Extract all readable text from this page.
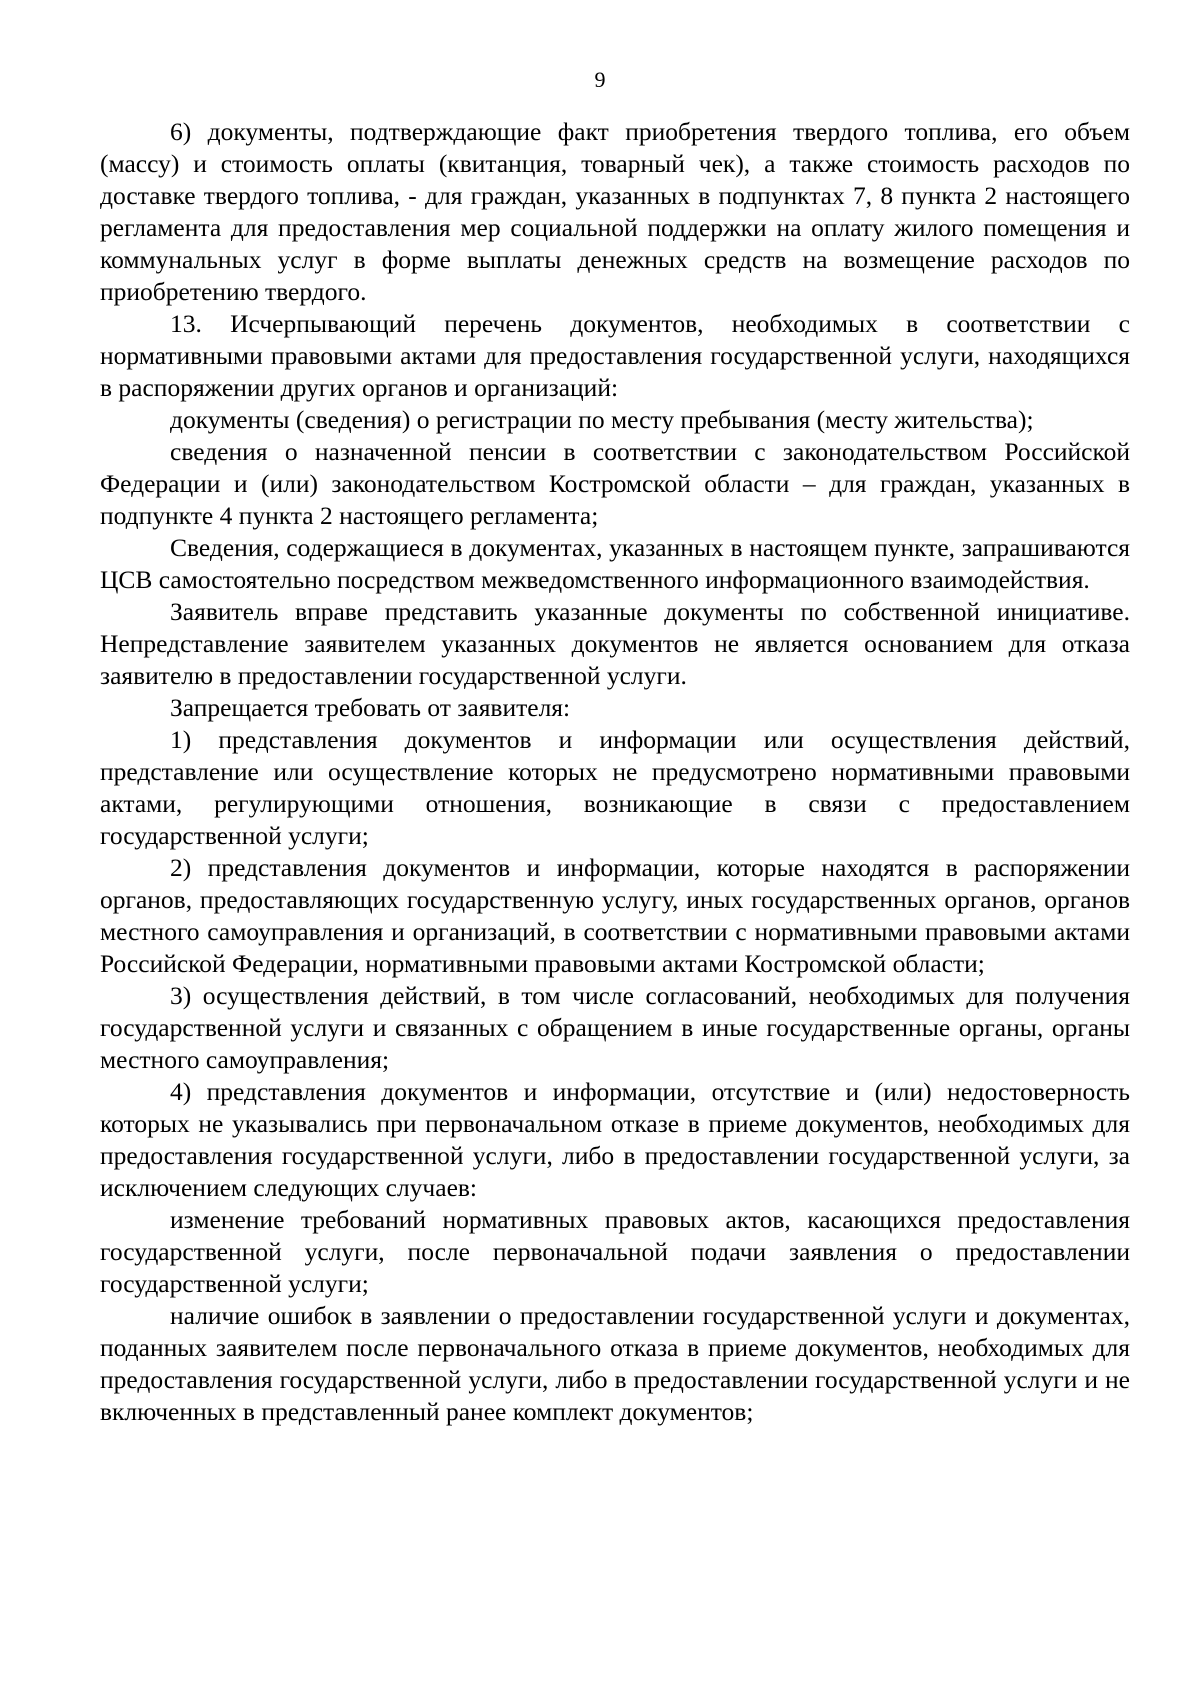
9

6) документы, подтверждающие факт приобретения твердого топлива, его объем (массу) и стоимость оплаты (квитанция, товарный чек), а также стоимость расходов по доставке твердого топлива, - для граждан, указанных в подпунктах 7, 8 пункта 2 настоящего регламента для предоставления мер социальной поддержки на оплату жилого помещения и коммунальных услуг в форме выплаты денежных средств на возмещение расходов по приобретению твердого.

13. Исчерпывающий перечень документов, необходимых в соответствии с нормативными правовыми актами для предоставления государственной услуги, находящихся в распоряжении других органов и организаций:

документы (сведения) о регистрации по месту пребывания (месту жительства);

сведения о назначенной пенсии в соответствии с законодательством Российской Федерации и (или) законодательством Костромской области – для граждан, указанных в подпункте 4 пункта 2 настоящего регламента;

Сведения, содержащиеся в документах, указанных в настоящем пункте, запрашиваются ЦСВ самостоятельно посредством межведомственного информационного взаимодействия.

Заявитель вправе представить указанные документы по собственной инициативе. Непредставление заявителем указанных документов не является основанием для отказа заявителю в предоставлении государственной услуги.

Запрещается требовать от заявителя:

1) представления документов и информации или осуществления действий, представление или осуществление которых не предусмотрено нормативными правовыми актами, регулирующими отношения, возникающие в связи с предоставлением государственной услуги;

2) представления документов и информации, которые находятся в распоряжении органов, предоставляющих государственную услугу, иных государственных органов, органов местного самоуправления и организаций, в соответствии с нормативными правовыми актами Российской Федерации, нормативными правовыми актами Костромской области;

3) осуществления действий, в том числе согласований, необходимых для получения государственной услуги и связанных с обращением в иные государственные органы, органы местного самоуправления;

4) представления документов и информации, отсутствие и (или) недостоверность которых не указывались при первоначальном отказе в приеме документов, необходимых для предоставления государственной услуги, либо в предоставлении государственной услуги, за исключением следующих случаев:

изменение требований нормативных правовых актов, касающихся предоставления государственной услуги, после первоначальной подачи заявления о предоставлении государственной услуги;

наличие ошибок в заявлении о предоставлении государственной услуги и документах, поданных заявителем после первоначального отказа в приеме документов, необходимых для предоставления государственной услуги, либо в предоставлении государственной услуги и не включенных в представленный ранее комплект документов;
